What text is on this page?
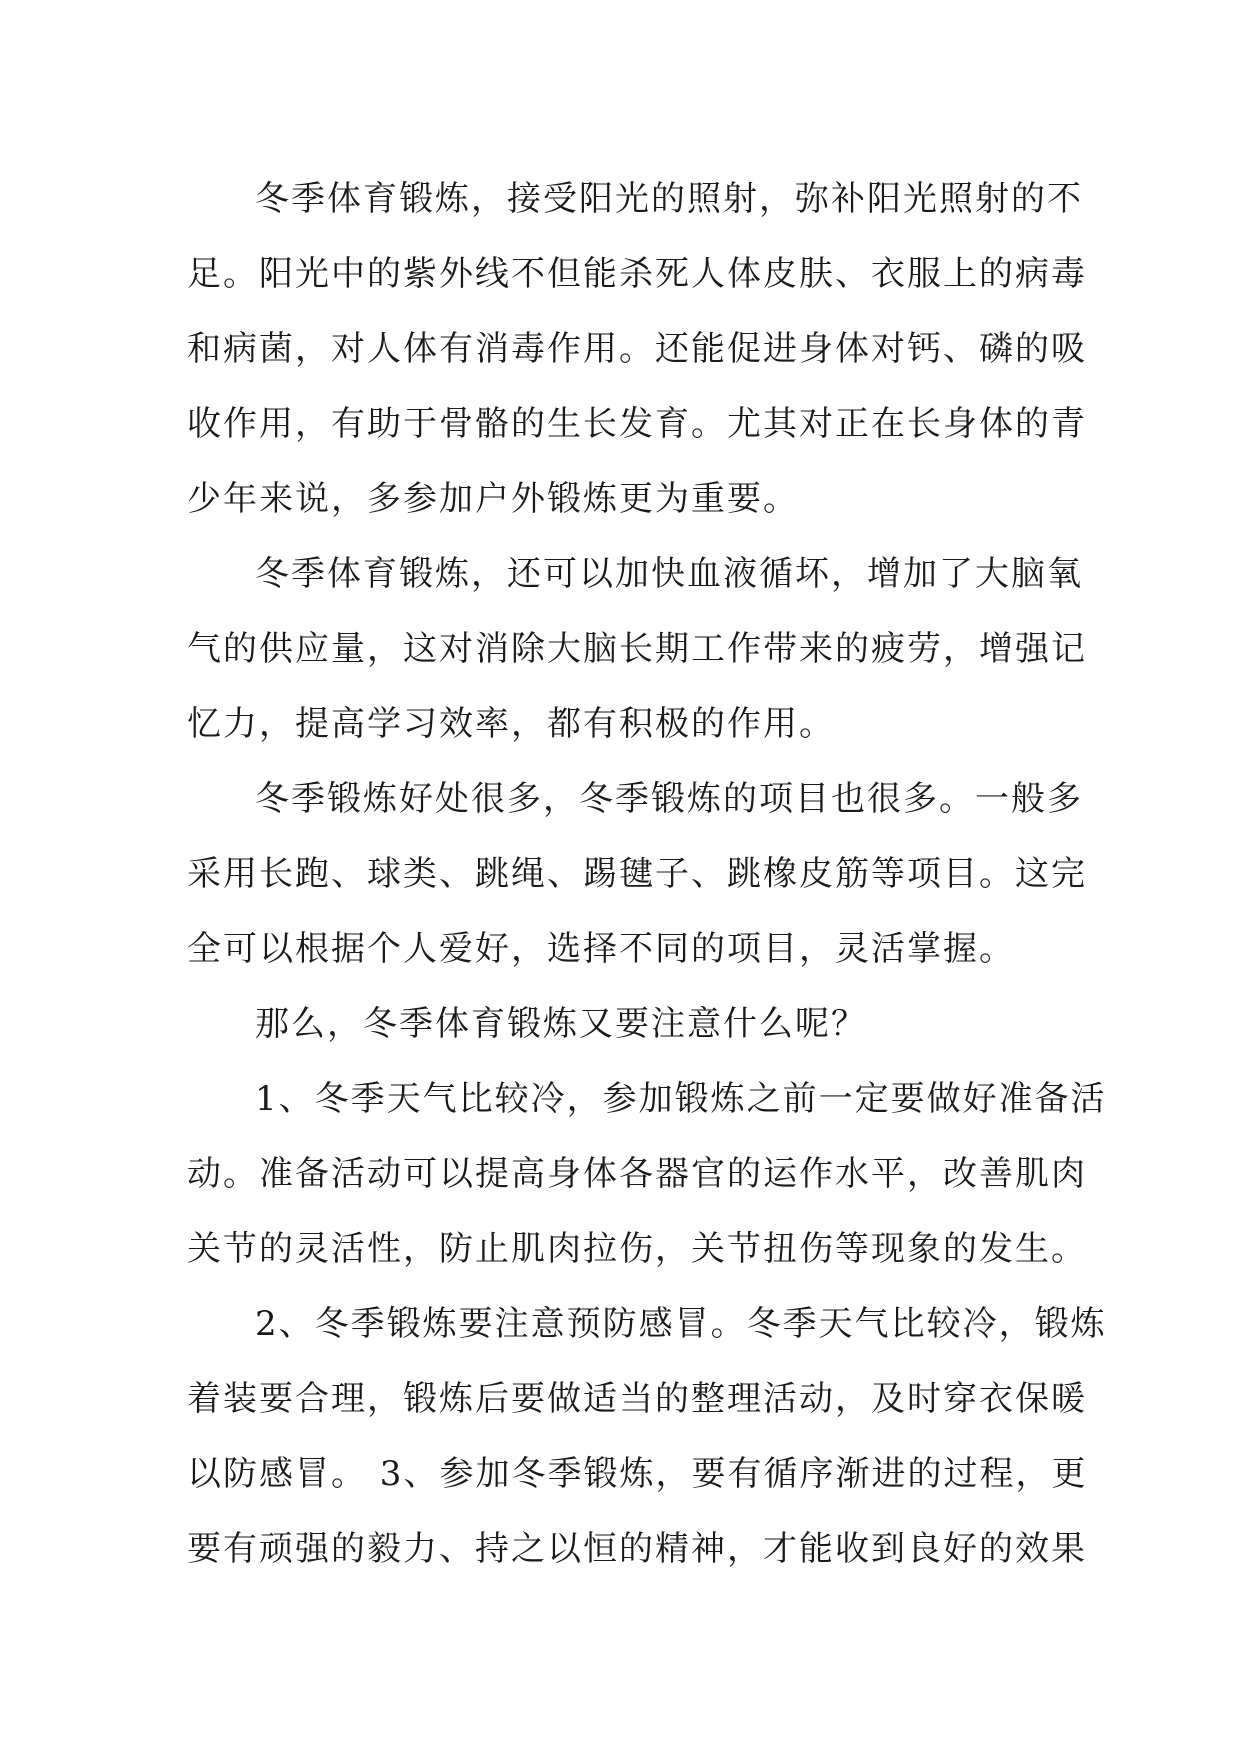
冬季体育锻炼，接受阳光的照射，弥补阳光照射的不
足。阳光中的紫外线不但能杀死人体皮肤、衣服上的病毒
和病菌，对人体有消毒作用。还能促进身体对钙、磷的吸
收作用，有助于骨骼的生长发育。尤其对正在长身体的青
少年来说，多参加户外锻炼更为重要。

冬季体育锻炼，还可以加快血液循坏，增加了大脑氧
气的供应量，这对消除大脑长期工作带来的疲劳，增强记
忆力，提高学习效率，都有积极的作用。

冬季锻炼好处很多，冬季锻炼的项目也很多。一般多
采用长跑、球类、跳绳、踢毽子、跳橡皮筋等项目。这完
全可以根据个人爱好，选择不同的项目，灵活掌握。

那么，冬季体育锻炼又要注意什么呢？

1、冬季天气比较冷，参加锻炼之前一定要做好准备活
动。准备活动可以提高身体各器官的运作水平，改善肌肉
关节的灵活性，防止肌肉拉伤，关节扭伤等现象的发生。

2、冬季锻炼要注意预防感冒。冬季天气比较冷，锻炼
着装要合理，锻炼后要做适当的整理活动，及时穿衣保暖
以防感冒。 3、参加冬季锻炼，要有循序渐进的过程，更
要有顽强的毅力、持之以恒的精神，才能收到良好的效果
